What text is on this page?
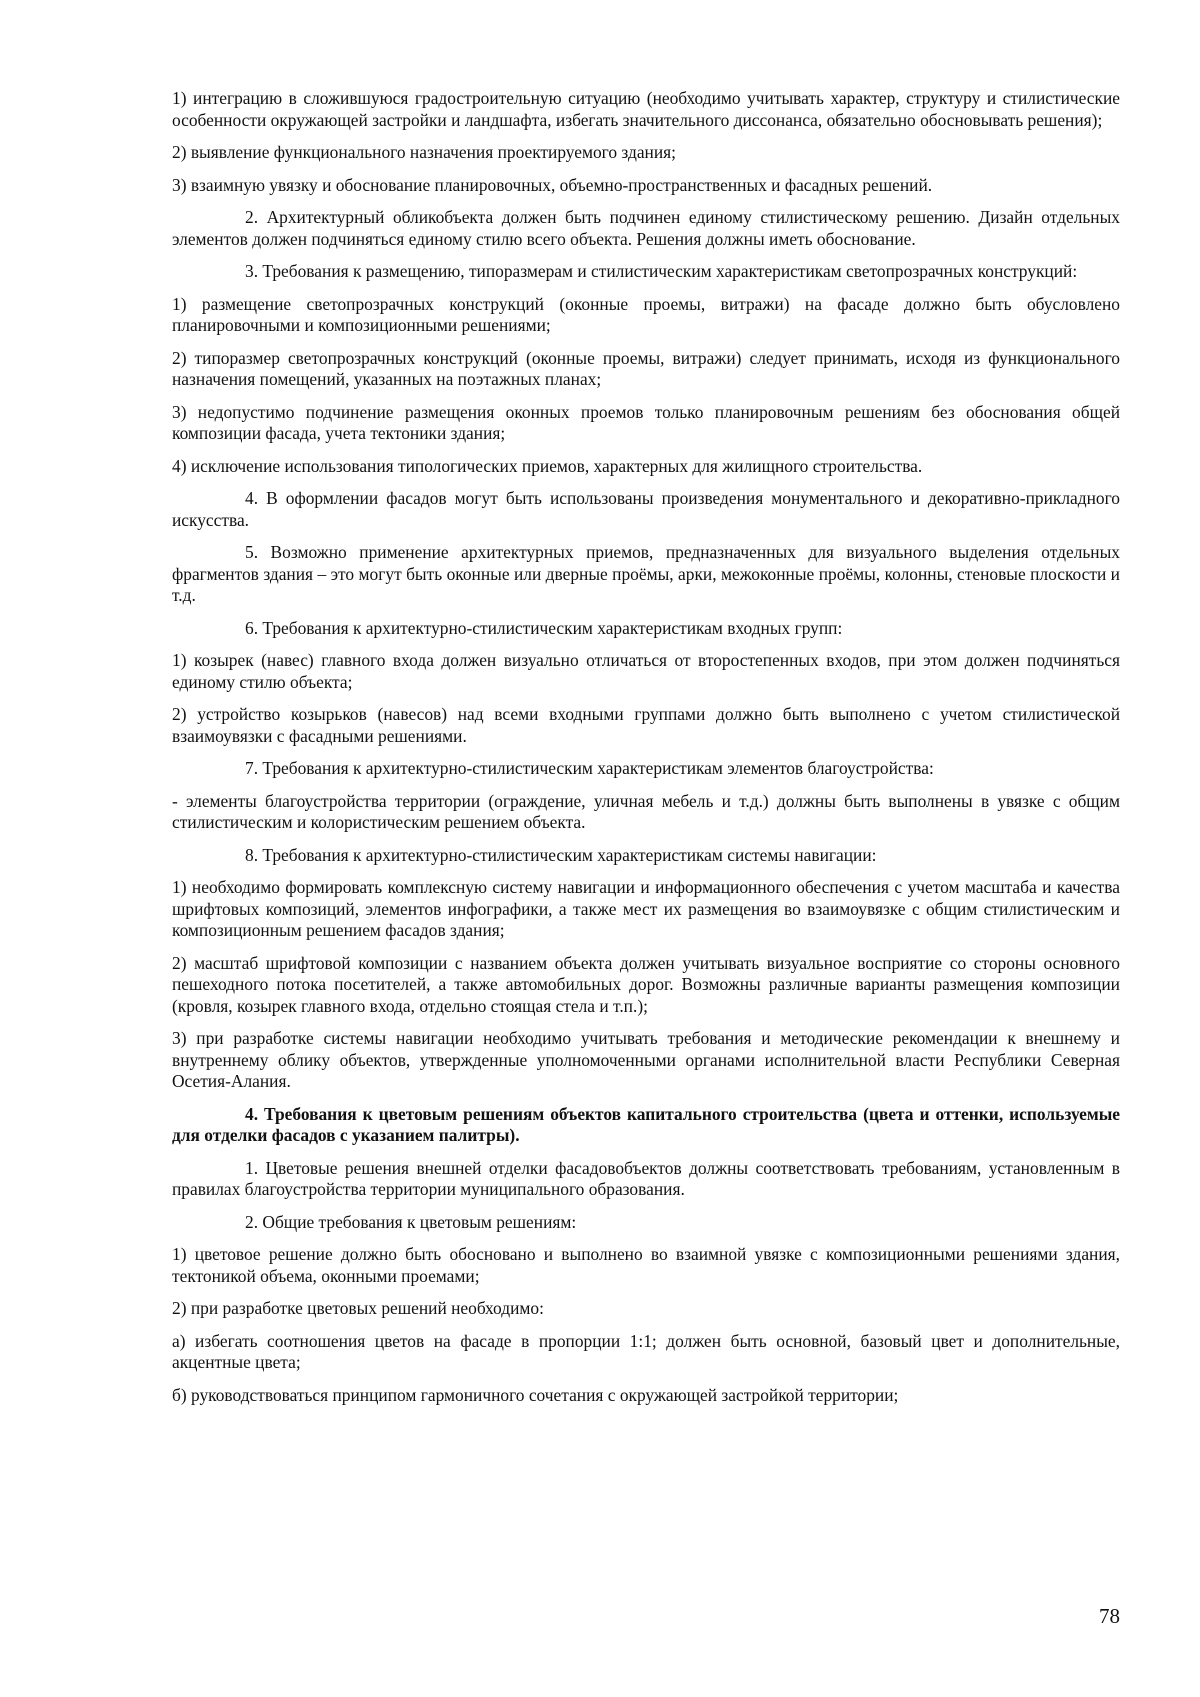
1) интеграцию в сложившуюся градостроительную ситуацию (необходимо учитывать характер, структуру и стилистические особенности окружающей застройки и ландшафта, избегать значительного диссонанса, обязательно обосновывать решения);

2) выявление функционального назначения проектируемого здания;

3) взаимную увязку и обоснование планировочных, объемно-пространственных и фасадных решений.

2. Архитектурный обликобъекта должен быть подчинен единому стилистическому решению. Дизайн отдельных элементов должен подчиняться единому стилю всего объекта. Решения должны иметь обоснование.

3. Требования к размещению, типоразмерам и стилистическим характеристикам светопрозрачных конструкций:

1) размещение светопрозрачных конструкций (оконные проемы, витражи) на фасаде должно быть обусловлено планировочными и композиционными решениями;

2) типоразмер светопрозрачных конструкций (оконные проемы, витражи) следует принимать, исходя из функционального назначения помещений, указанных на поэтажных планах;

3) недопустимо подчинение размещения оконных проемов только планировочным решениям без обоснования общей композиции фасада, учета тектоники здания;

4) исключение использования типологических приемов, характерных для жилищного строительства.

4. В оформлении фасадов могут быть использованы произведения монументального и декоративно-прикладного искусства.

5. Возможно применение архитектурных приемов, предназначенных для визуального выделения отдельных фрагментов здания – это могут быть оконные или дверные проёмы, арки, межоконные проёмы, колонны, стеновые плоскости и т.д.

6. Требования к архитектурно-стилистическим характеристикам входных групп:

1) козырек (навес) главного входа должен визуально отличаться от второстепенных входов, при этом должен подчиняться единому стилю объекта;

2) устройство козырьков (навесов) над всеми входными группами должно быть выполнено с учетом стилистической взаимоувязки с фасадными решениями.

7. Требования к архитектурно-стилистическим характеристикам элементов благоустройства:

- элементы благоустройства территории (ограждение, уличная мебель и т.д.) должны быть выполнены в увязке с общим стилистическим и колористическим решением объекта.

8. Требования к архитектурно-стилистическим характеристикам системы навигации:

1) необходимо формировать комплексную систему навигации и информационного обеспечения с учетом масштаба и качества шрифтовых композиций, элементов инфографики, а также мест их размещения во взаимоувязке с общим стилистическим и композиционным решением фасадов здания;

2) масштаб шрифтовой композиции с названием объекта должен учитывать визуальное восприятие со стороны основного пешеходного потока посетителей, а также автомобильных дорог. Возможны различные варианты размещения композиции (кровля, козырек главного входа, отдельно стоящая стела и т.п.);

3) при разработке системы навигации необходимо учитывать требования и методические рекомендации к внешнему и внутреннему облику объектов, утвержденные уполномоченными органами исполнительной власти Республики Северная Осетия-Алания.

4. Требования к цветовым решениям объектов капитального строительства (цвета и оттенки, используемые для отделки фасадов с указанием палитры).

1. Цветовые решения внешней отделки фасадовобъектов должны соответствовать требованиям, установленным в правилах благоустройства территории муниципального образования.

2. Общие требования к цветовым решениям:

1) цветовое решение должно быть обосновано и выполнено во взаимной увязке с композиционными решениями здания, тектоникой объема, оконными проемами;

2) при разработке цветовых решений необходимо:

а) избегать соотношения цветов на фасаде в пропорции 1:1; должен быть основной, базовый цвет и дополнительные, акцентные цвета;

б) руководствоваться принципом гармоничного сочетания с окружающей застройкой территории;

78
